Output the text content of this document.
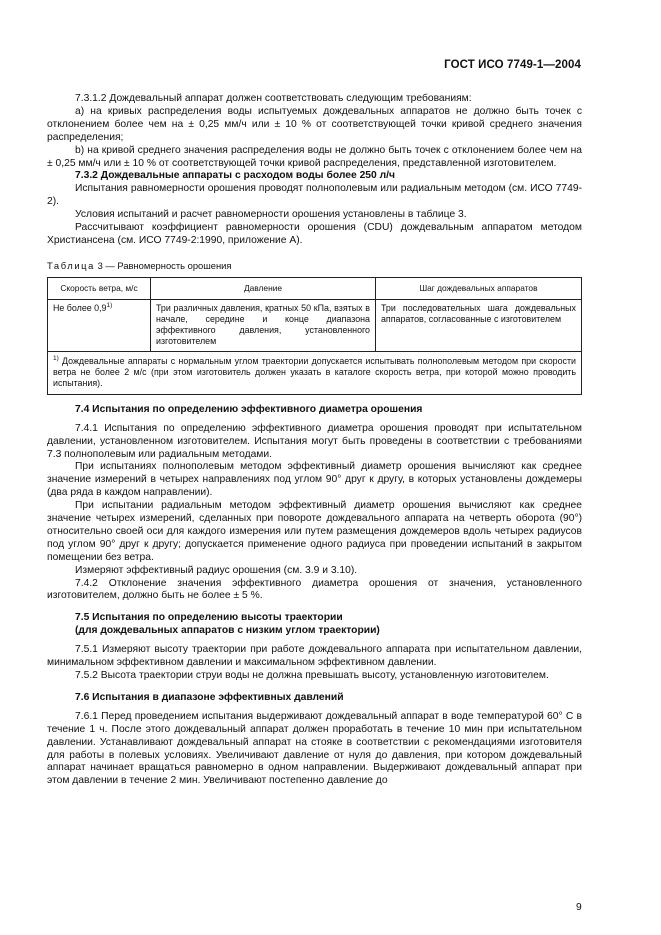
ГОСТ ИСО 7749-1—2004

7.3.1.2 Дождевальный аппарат должен соответствовать следующим требованиям:

а) на кривых распределения воды испытуемых дождевальных аппаратов не должно быть точек с отклонением более чем на ± 0,25 мм/ч или ± 10 % от соответствующей точки кривой среднего значения распределения;

b) на кривой среднего значения распределения воды не должно быть точек с отклонением более чем на ± 0,25 мм/ч или ± 10 % от соответствующей точки кривой распределения, представленной изготовителем.

7.3.2 Дождевальные аппараты с расходом воды более 250 л/ч

Испытания равномерности орошения проводят полнополевым или радиальным методом (см. ИСО 7749-2).

Условия испытаний и расчет равномерности орошения установлены в таблице 3.

Рассчитывают коэффициент равномерности орошения (CDU) дождевальным аппаратом методом Христиансена (см. ИСО 7749-2:1990, приложение А).

Таблица 3 — Равномерность орошения
Скорость ветра, м/с	Давление	Шаг дождевальных аппаратов
Не более 0,9$^{1)}$	Три различных давления, кратных 50 кПа, взятых в начале, середине и конце диапазона эффективного давления, установленного изготовителем	Три последовательных шага дождевальных аппаратов, согласованные с изготовителем
$^{1)}$ Дождевальные аппараты с нормальным углом траектории допускается испытывать полнополевым методом при скорости ветра не более 2 м/с (при этом изготовитель должен указать в каталоге скорость ветра, при которой можно проводить испытания).		

7.4 Испытания по определению эффективного диаметра орошения

7.4.1 Испытания по определению эффективного диаметра орошения проводят при испытательном давлении, установленном изготовителем. Испытания могут быть проведены в соответствии с требованиями 7.3 полнополевым или радиальным методами.

При испытаниях полнополевым методом эффективный диаметр орошения вычисляют как среднее значение измерений в четырех направлениях под углом 90° друг к другу, в которых установлены дождемеры (два ряда в каждом направлении).

При испытании радиальным методом эффективный диаметр орошения вычисляют как среднее значение четырех измерений, сделанных при повороте дождевального аппарата на четверть оборота (90°) относительно своей оси для каждого измерения или путем размещения дождемеров вдоль четырех радиусов под углом 90° друг к другу; допускается применение одного радиуса при проведении испытаний в закрытом помещении без ветра.

Измеряют эффективный радиус орошения (см. 3.9 и 3.10).

7.4.2 Отклонение значения эффективного диаметра орошения от значения, установленного изготовителем, должно быть не более ± 5 %.

7.5 Испытания по определению высоты траектории

(для дождевальных аппаратов с низким углом траектории)

7.5.1 Измеряют высоту траектории при работе дождевального аппарата при испытательном давлении, минимальном эффективном давлении и максимальном эффективном давлении.

7.5.2 Высота траектории струи воды не должна превышать высоту, установленную изготовителем.

7.6 Испытания в диапазоне эффективных давлений

7.6.1 Перед проведением испытания выдерживают дождевальный аппарат в воде температурой 60° С в течение 1 ч. После этого дождевальный аппарат должен проработать в течение 10 мин при испытательном давлении. Устанавливают дождевальный аппарат на стояке в соответствии с рекомендациями изготовителя для работы в полевых условиях. Увеличивают давление от нуля до давления, при котором дождевальный аппарат начинает вращаться равномерно в одном направлении. Выдерживают дождевальный аппарат при этом давлении в течение 2 мин. Увеличивают постепенно давление до

9
